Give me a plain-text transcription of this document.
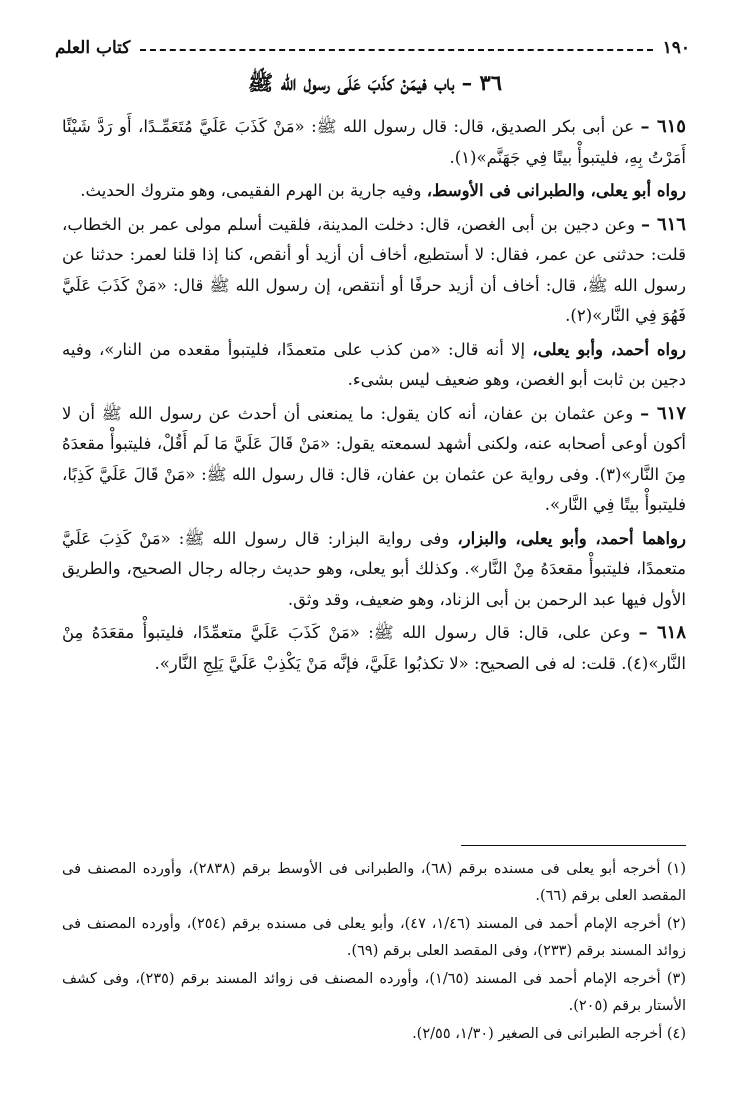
١٩٠
كتاب العلم
٣٦ – باب فيمَنْ كذَبَ عَلَى رسول الله ﷺ

٦١٥ – عن أبى بكر الصديق، قال: قال رسول الله ﷺ: «مَنْ كَذَبَ عَلَيَّ مُتَعَمِّـدًا، أَو رَدَّ شَيْئًا أَمَرْتُ بِهِ، فليتبوأْ بيتًا فِي جَهَنَّم»(١).

رواه أبو يعلى، والطبرانى فى الأوسط، وفيه جارية بن الهرم الفقيمى، وهو متروك الحديث.

٦١٦ – وعن دجين بن أبى الغصن، قال: دخلت المدينة، فلقيت أسلم مولى عمر بن الخطاب، قلت: حدثنى عن عمر، فقال: لا أستطيع، أخاف أن أزيد أو أنقص، كنا إذا قلنا لعمر: حدثنا عن رسول الله ﷺ، قال: أخاف أن أزيد حرفًا أو أنتقص، إن رسول الله ﷺ قال: «مَنْ كَذَبَ عَلَيَّ فَهُوَ فِي النَّار»(٢).

رواه أحمد، وأبو يعلى، إلا أنه قال: «من كذب على متعمدًا، فليتبوأ مقعده من النار»، وفيه دجين بن ثابت أبو الغصن، وهو ضعيف ليس بشىء.

٦١٧ – وعن عثمان بن عفان، أنه كان يقول: ما يمنعنى أن أحدث عن رسول الله ﷺ أن لا أكون أوعى أصحابه عنه، ولكنى أشهد لسمعته يقول: «مَنْ قَالَ عَلَيَّ مَا لَم أَقُلْ، فليتبوأْ مقعدَهُ مِنَ النَّار»(٣). وفى رواية عن عثمان بن عفان، قال: قال رسول الله ﷺ: «مَنْ قَالَ عَلَيَّ كَذِبًا، فليتبوأْ بيتًا فِي النَّار».

رواهما أحمد، وأبو يعلى، والبزار، وفى رواية البزار: قال رسول الله ﷺ: «مَنْ كَذِبَ عَلَيَّ متعمدًا، فليتبوأْ مقعدَهُ مِنْ النَّار». وكذلك أبو يعلى، وهو حديث رجاله رجال الصحيح، والطريق الأول فيها عبد الرحمن بن أبى الزناد، وهو ضعيف، وقد وثق.

٦١٨ – وعن على، قال: قال رسول الله ﷺ: «مَنْ كَذَبَ عَلَيَّ متعمِّدًا، فليتبوأْ مقعَدَهُ مِنْ النَّار»(٤). قلت: له فى الصحيح: «لا تكذبُوا عَلَيَّ، فإنَّه مَنْ يَكْذِبْ عَلَيَّ يَلِجِ النَّار».

(١) أخرجه أبو يعلى فى مسنده برقم (٦٨)، والطبرانى فى الأوسط برقم (٢٨٣٨)، وأورده المصنف فى المقصد العلى برقم (٦٦).

(٢) أخرجه الإمام أحمد فى المسند (١/٤٦، ٤٧)، وأبو يعلى فى مسنده برقم (٢٥٤)، وأورده المصنف فى زوائد المسند برقم (٢٣٣)، وفى المقصد العلى برقم (٦٩).

(٣) أخرجه الإمام أحمد فى المسند (١/٦٥)، وأورده المصنف فى زوائد المسند برقم (٢٣٥)، وفى كشف الأستار برقم (٢٠٥).

(٤) أخرجه الطبرانى فى الصغير (١/٣٠، ٢/٥٥).
